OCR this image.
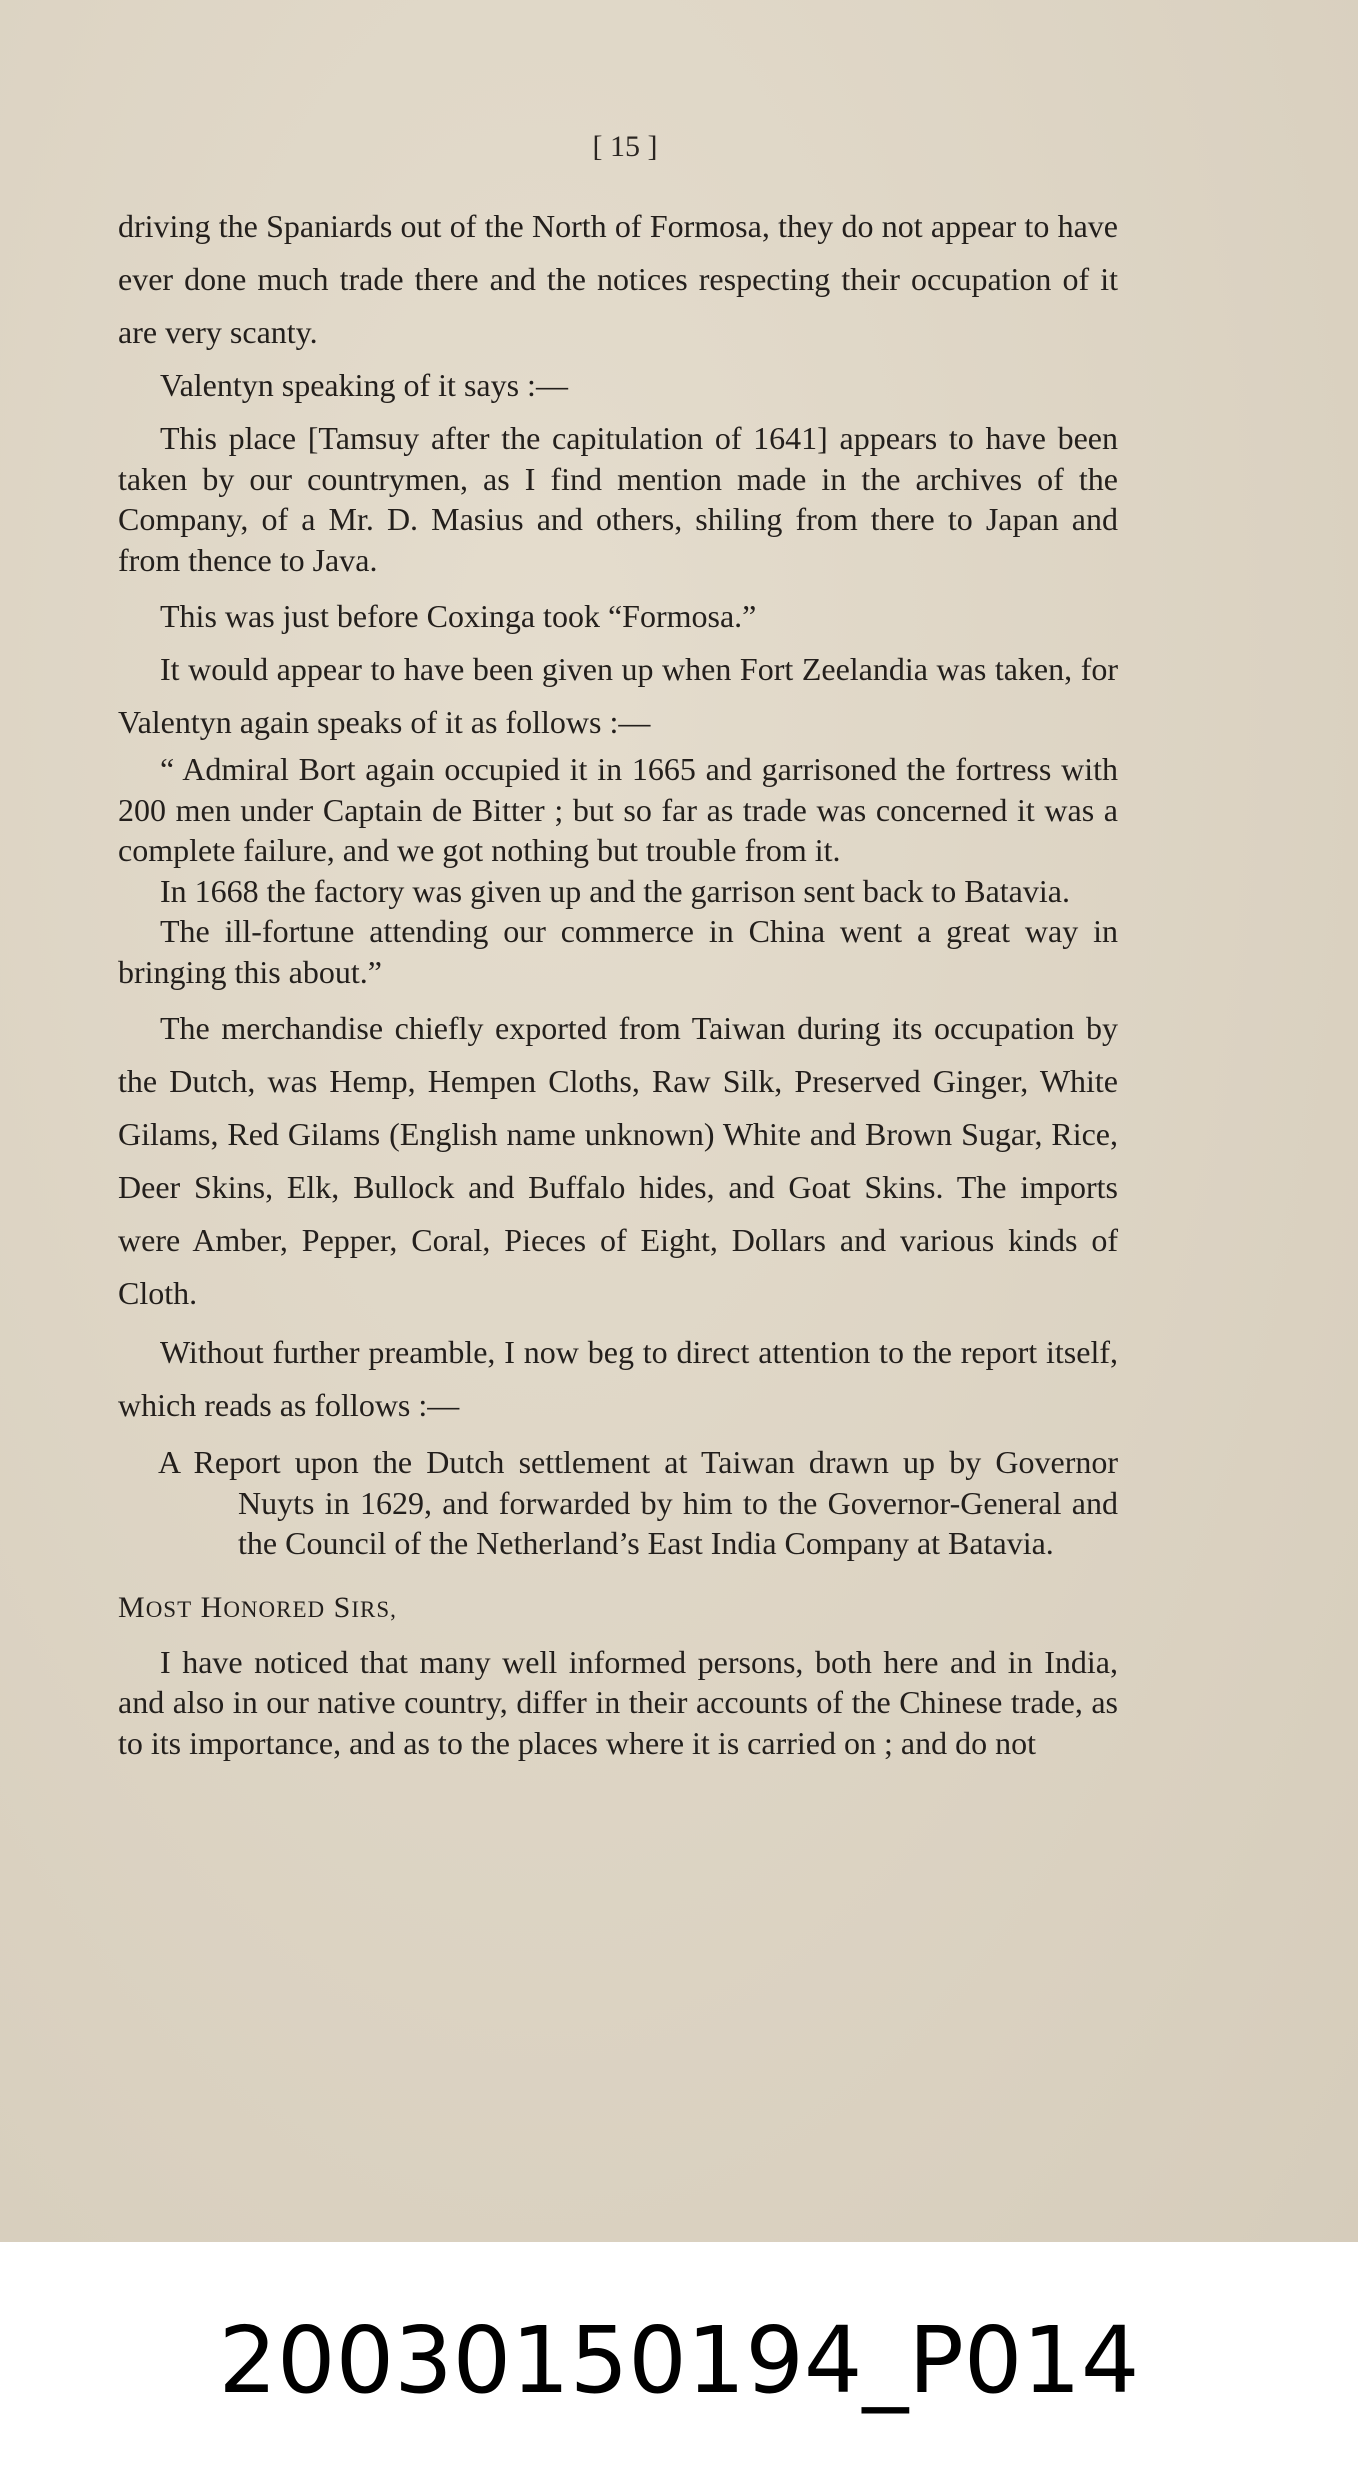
[ 15 ]

driving the Spaniards out of the North of Formosa, they do not appear to have ever done much trade there and the notices respecting their occupation of it are very scanty.

Valentyn speaking of it says :—

This place [Tamsuy after the capitulation of 1641] appears to have been taken by our countrymen, as I find mention made in the archives of the Company, of a Mr. D. Masius and others, shiling from there to Japan and from thence to Java.

This was just before Coxinga took “Formosa.”

It would appear to have been given up when Fort Zeelandia was taken, for Valentyn again speaks of it as follows :—

“ Admiral Bort again occupied it in 1665 and garrisoned the fortress with 200 men under Captain de Bitter ; but so far as trade was concerned it was a complete failure, and we got nothing but trouble from it.

In 1668 the factory was given up and the garrison sent back to Batavia.

The ill-fortune attending our commerce in China went a great way in bringing this about.”

The merchandise chiefly exported from Taiwan during its occupation by the Dutch, was Hemp, Hempen Cloths, Raw Silk, Preserved Ginger, White Gilams, Red Gilams (English name unknown) White and Brown Sugar, Rice, Deer Skins, Elk, Bullock and Buffalo hides, and Goat Skins. The imports were Amber, Pepper, Coral, Pieces of Eight, Dollars and various kinds of Cloth.

Without further preamble, I now beg to direct attention to the report itself, which reads as follows :—

A Report upon the Dutch settlement at Taiwan drawn up by Governor Nuyts in 1629, and forwarded by him to the Governor-General and the Council of the Netherland’s East India Company at Batavia.

MOST HONORED SIRS,

I have noticed that many well informed persons, both here and in India, and also in our native country, differ in their accounts of the Chinese trade, as to its importance, and as to the places where it is carried on ; and do not

20030150194_P014
